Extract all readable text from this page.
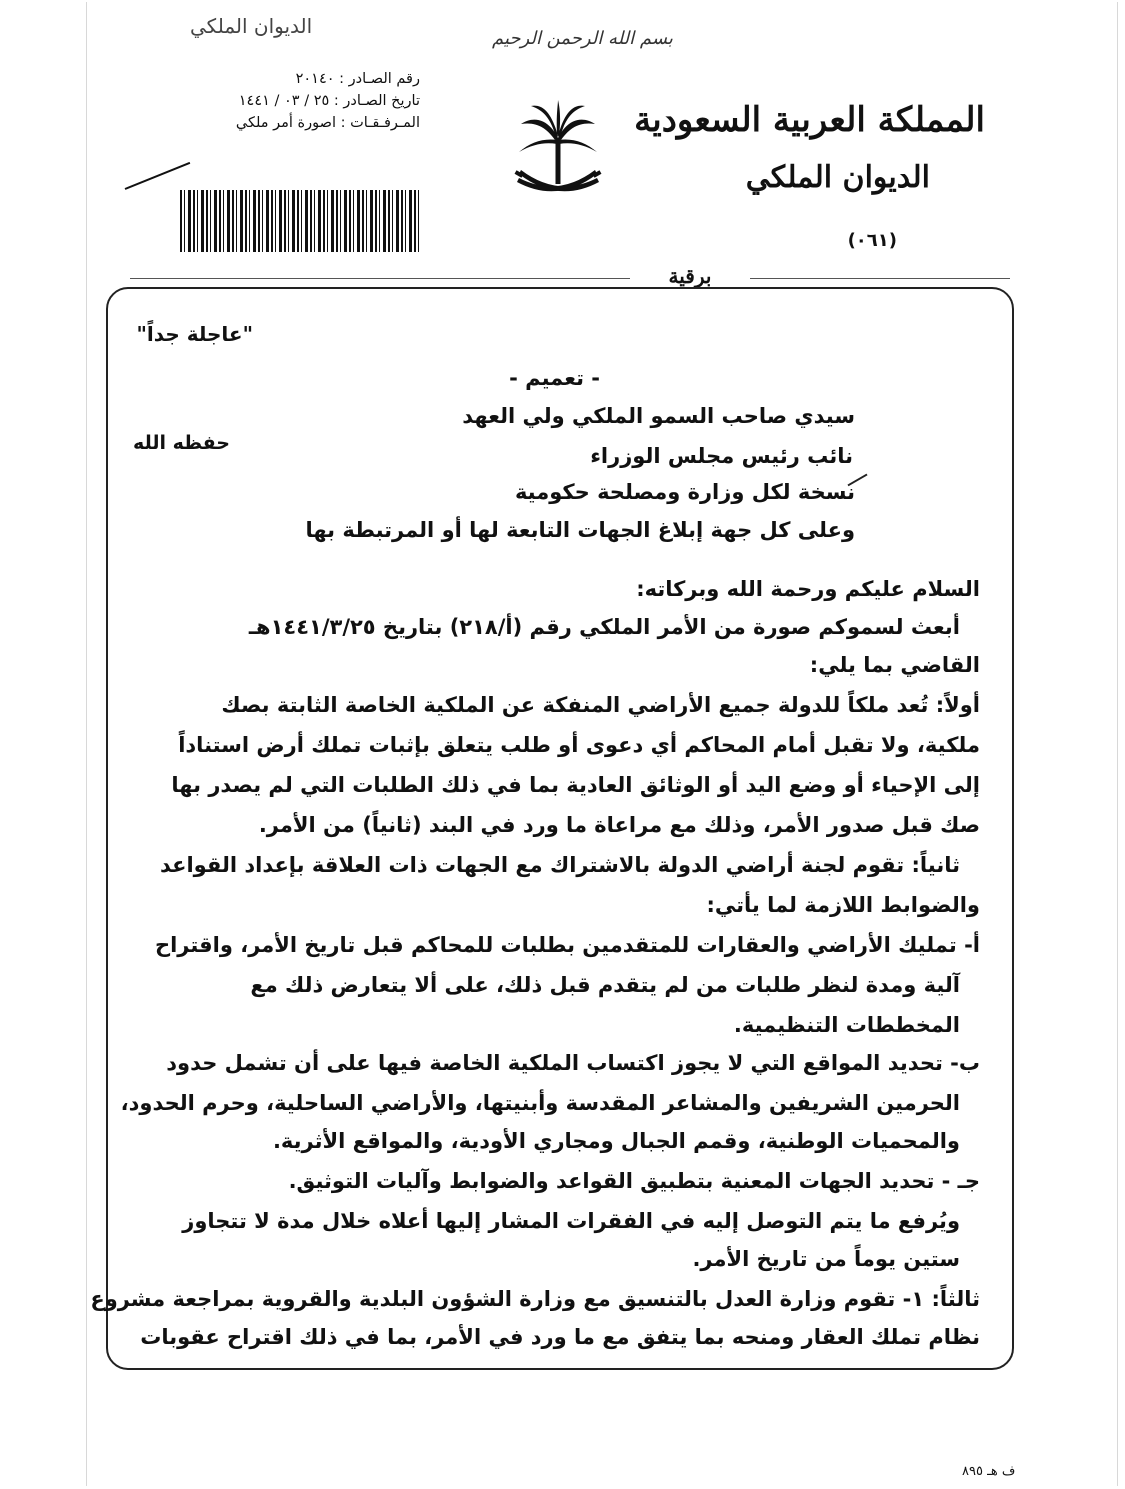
الديوان الملكي
بسم الله الرحمن الرحيم
رقم الصـادر : ٢٠١٤٠
تاريخ الصـادر : ٢٥ / ٠٣ / ١٤٤١
المـرفـقـات : اصورة أمر ملكي	المملكة العربية السعودية
الديوان الملكي
(٠٦١)
برقية
"عاجلة جداً"
- تعميم -
سيدي صاحب السمو الملكي ولي العهد
نائب رئيس مجلس الوزراء
نسخة لكل وزارة ومصلحة حكومية
وعلى كل جهة إبلاغ الجهات التابعة لها أو المرتبطة بها
حفظه الله
السلام عليكم ورحمة الله وبركاته:
أبعث لسموكم صورة من الأمر الملكي رقم (أ/٢١٨) بتاريخ ١٤٤١/٣/٢٥هـ
القاضي بما يلي:
أولاً: تُعد ملكاً للدولة جميع الأراضي المنفكة عن الملكية الخاصة الثابتة بصك
ملكية، ولا تقبل أمام المحاكم أي دعوى أو طلب يتعلق بإثبات تملك أرض استناداً
إلى الإحياء أو وضع اليد أو الوثائق العادية بما في ذلك الطلبات التي لم يصدر بها
صك قبل صدور الأمر، وذلك مع مراعاة ما ورد في البند (ثانياً) من الأمر.
ثانياً: تقوم لجنة أراضي الدولة بالاشتراك مع الجهات ذات العلاقة بإعداد القواعد
والضوابط اللازمة لما يأتي:
أ- تمليك الأراضي والعقارات للمتقدمين بطلبات للمحاكم قبل تاريخ الأمر، واقتراح
آلية ومدة لنظر طلبات من لم يتقدم قبل ذلك، على ألا يتعارض ذلك مع
المخططات التنظيمية.
ب- تحديد المواقع التي لا يجوز اكتساب الملكية الخاصة فيها على أن تشمل حدود
الحرمين الشريفين والمشاعر المقدسة وأبنيتها، والأراضي الساحلية، وحرم الحدود،
والمحميات الوطنية، وقمم الجبال ومجاري الأودية، والمواقع الأثرية.
جـ - تحديد الجهات المعنية بتطبيق القواعد والضوابط وآليات التوثيق.
ويُرفع ما يتم التوصل إليه في الفقرات المشار إليها أعلاه خلال مدة لا تتجاوز
ستين يوماً من تاريخ الأمر.
ثالثاً: ١- تقوم وزارة العدل بالتنسيق مع وزارة الشؤون البلدية والقروية بمراجعة مشروع
نظام تملك العقار ومنحه بما يتفق مع ما ورد في الأمر، بما في ذلك اقتراح عقوبات
ف هـ ٨٩٥
